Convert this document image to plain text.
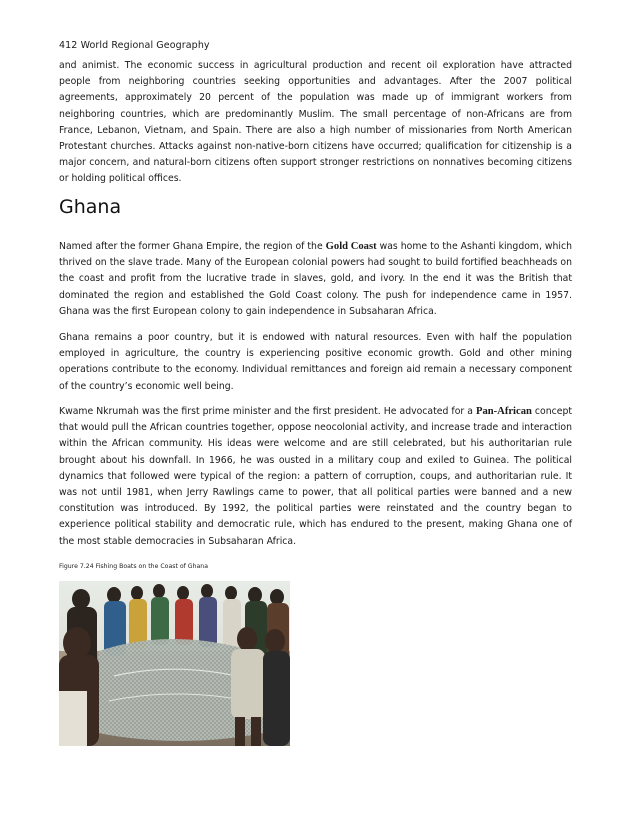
412 World Regional Geography

and animist. The economic success in agricultural production and recent oil exploration have attracted people from neighboring countries seeking opportunities and advantages. After the 2007 political agreements, approximately 20 percent of the population was made up of immigrant workers from neighboring countries, which are predominantly Muslim. The small percentage of non-Africans are from France, Lebanon, Vietnam, and Spain. There are also a high number of missionaries from North American Protestant churches. Attacks against non-native-born citizens have occurred; qualification for citizenship is a major concern, and natural-born citizens often support stronger restrictions on nonnatives becoming citizens or holding political offices.

Ghana

Named after the former Ghana Empire, the region of the Gold Coast was home to the Ashanti kingdom, which thrived on the slave trade. Many of the European colonial powers had sought to build fortified beachheads on the coast and profit from the lucrative trade in slaves, gold, and ivory. In the end it was the British that dominated the region and established the Gold Coast colony. The push for independence came in 1957. Ghana was the first European colony to gain independence in Subsaharan Africa.

Ghana remains a poor country, but it is endowed with natural resources. Even with half the population employed in agriculture, the country is experiencing positive economic growth. Gold and other mining operations contribute to the economy. Individual remittances and foreign aid remain a necessary component of the country’s economic well being.

Kwame Nkrumah was the first prime minister and the first president. He advocated for a Pan-African concept that would pull the African countries together, oppose neocolonial activity, and increase trade and interaction within the African community. His ideas were welcome and are still celebrated, but his authoritarian rule brought about his downfall. In 1966, he was ousted in a military coup and exiled to Guinea. The political dynamics that followed were typical of the region: a pattern of corruption, coups, and authoritarian rule. It was not until 1981, when Jerry Rawlings came to power, that all political parties were banned and a new constitution was introduced. By 1992, the political parties were reinstated and the country began to experience political stability and democratic rule, which has endured to the present, making Ghana one of the most stable democracies in Subsaharan Africa.

Figure 7.24 Fishing Boats on the Coast of Ghana
